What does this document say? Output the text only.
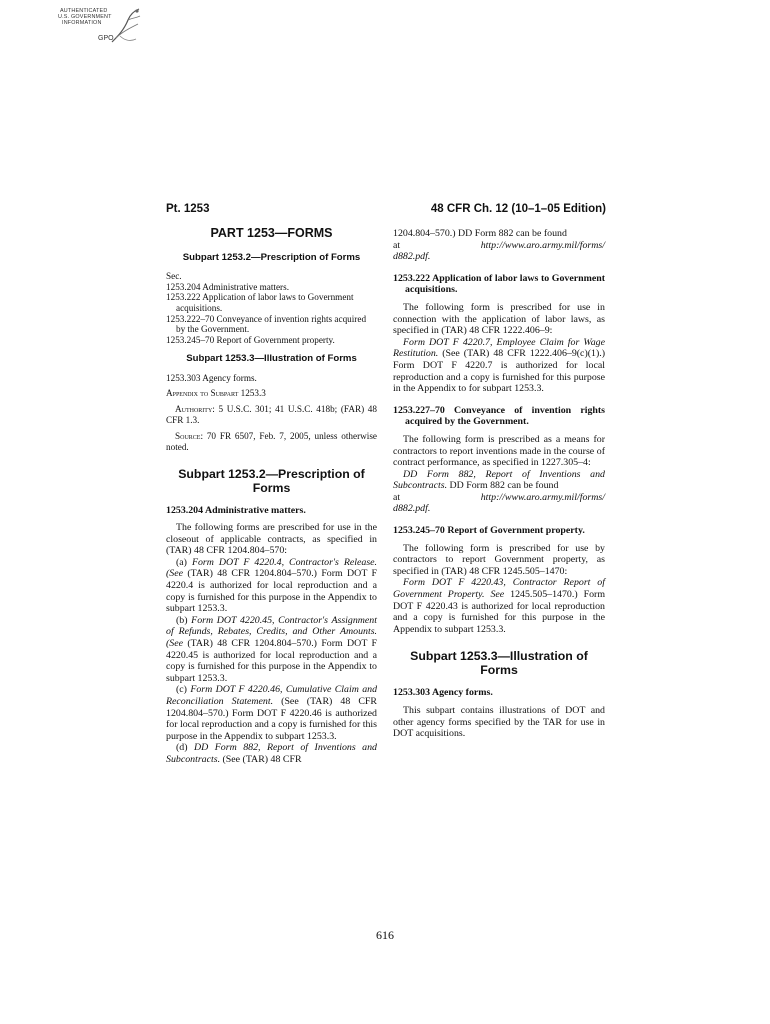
AUTHENTICATED
U.S. GOVERNMENT
INFORMATION
GPO
Pt. 1253	48 CFR Ch. 12 (10–1–05 Edition)
PART 1253—FORMS
Subpart 1253.2—Prescription of Forms
Sec.
1253.204 Administrative matters.
1253.222 Application of labor laws to Government acquisitions.
1253.222–70 Conveyance of invention rights acquired by the Government.
1253.245–70 Report of Government property.
Subpart 1253.3—Illustration of Forms
1253.303 Agency forms.
Appendix to Subpart 1253.3
Authority: 5 U.S.C. 301; 41 U.S.C. 418b; (FAR) 48 CFR 1.3.
Source: 70 FR 6507, Feb. 7, 2005, unless otherwise noted.
Subpart 1253.2—Prescription of Forms
1253.204 Administrative matters.

The following forms are prescribed for use in the closeout of applicable contracts, as specified in (TAR) 48 CFR 1204.804–570:

(a) Form DOT F 4220.4, Contractor's Release. (See (TAR) 48 CFR 1204.804–570.) Form DOT F 4220.4 is authorized for local reproduction and a copy is furnished for this purpose in the Appendix to subpart 1253.3.

(b) Form DOT 4220.45, Contractor's Assignment of Refunds, Rebates, Credits, and Other Amounts. (See (TAR) 48 CFR 1204.804–570.) Form DOT F 4220.45 is authorized for local reproduction and a copy is furnished for this purpose in the Appendix to subpart 1253.3.

(c) Form DOT F 4220.46, Cumulative Claim and Reconciliation Statement. (See (TAR) 48 CFR 1204.804–570.) Form DOT F 4220.46 is authorized for local reproduction and a copy is furnished for this purpose in the Appendix to subpart 1253.3.

(d) DD Form 882, Report of Inventions and Subcontracts. (See (TAR) 48 CFR

1204.804–570.) DD Form 882 can be found

at	http://www.aro.army.mil/forms/
d882.pdf.
1253.222 Application of labor laws to Government acquisitions.

The following form is prescribed for use in connection with the application of labor laws, as specified in (TAR) 48 CFR 1222.406–9:

Form DOT F 4220.7, Employee Claim for Wage Restitution. (See (TAR) 48 CFR 1222.406–9(c)(1).) Form DOT F 4220.7 is authorized for local reproduction and a copy is furnished for this purpose in the Appendix to for subpart 1253.3.

1253.227–70 Conveyance of invention rights acquired by the Government.

The following form is prescribed as a means for contractors to report inventions made in the course of contract performance, as specified in 1227.305–4:

DD Form 882, Report of Inventions and Subcontracts. DD Form 882 can be found

at	http://www.aro.army.mil/forms/
d882.pdf.
1253.245–70 Report of Government property.

The following form is prescribed for use by contractors to report Government property, as specified in (TAR) 48 CFR 1245.505–1470:

Form DOT F 4220.43, Contractor Report of Government Property. See 1245.505–1470.) Form DOT F 4220.43 is authorized for local reproduction and a copy is furnished for this purpose in the Appendix to subpart 1253.3.

Subpart 1253.3—Illustration of Forms
1253.303 Agency forms.

This subpart contains illustrations of DOT and other agency forms specified by the TAR for use in DOT acquisitions.

616
